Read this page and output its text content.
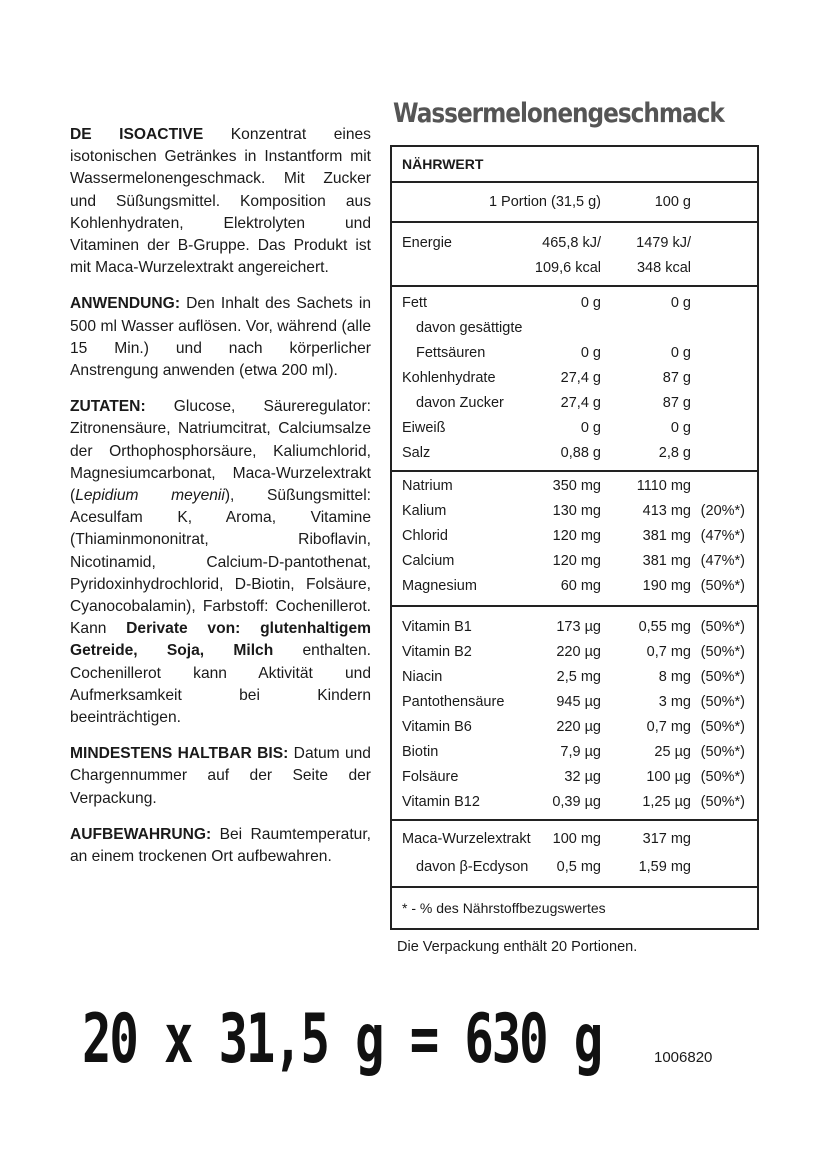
DE ISOACTIVE Konzentrat eines isotonischen Getränkes in Instantform mit Wassermelonengeschmack. Mit Zucker und Süßungsmittel. Komposition aus Kohlenhydraten, Elektrolyten und Vitaminen der B-Gruppe. Das Produkt ist mit Maca-Wurzelextrakt angereichert.

ANWENDUNG: Den Inhalt des Sachets in 500 ml Wasser auflösen. Vor, während (alle 15 Min.) und nach körperlicher Anstrengung anwenden (etwa 200 ml).

ZUTATEN: Glucose, Säureregulator: Zitronensäure, Natriumcitrat, Calciumsalze der Orthophosphorsäure, Kaliumchlorid, Magnesiumcarbonat, Maca-Wurzelextrakt (Lepidium meyenii), Süßungsmittel: Acesulfam K, Aroma, Vitamine (Thiaminmononitrat, Riboflavin, Nicotinamid, Calcium-D-pantothenat, Pyridoxinhydrochlorid, D-Biotin, Folsäure, Cyanocobalamin), Farbstoff: Cochenillerot. Kann Derivate von: glutenhaltigem Getreide, Soja, Milch enthalten. Cochenillerot kann Aktivität und Aufmerksamkeit bei Kindern beeinträchtigen.

MINDESTENS HALTBAR BIS: Datum und Chargennummer auf der Seite der Verpackung.

AUFBEWAHRUNG: Bei Raumtemperatur, an einem trockenen Ort aufbewahren.

Wassermelonengeschmack
NÄHRWERT
1 Portion (31,5 g)	100 g
Energie	465,8 kJ/ 1479 kJ/
109,6 kcal 348 kcal
Fett	0 g	0 g
davon gesättigte
Fettsäuren	0 g	0 g
Kohlenhydrate	27,4 g	87 g
davon Zucker	27,4 g	87 g
Eiweiß	0 g	0 g
Salz	0,88 g	2,8 g
Natrium	350 mg 1110 mg
Kalium	130 mg	413 mg (20%*)
Chlorid	120 mg	381 mg (47%*)
Calcium	120 mg	381 mg (47%*)
Magnesium	60 mg	190 mg (50%*)
Vitamin B1	173 µg	0,55 mg (50%*)
Vitamin B2	220 µg	0,7 mg (50%*)
Niacin	2,5 mg	8 mg (50%*)
Pantothensäure	945 µg	3 mg (50%*)
Vitamin B6	220 µg	0,7 mg (50%*)
Biotin	7,9 µg	25 µg (50%*)
Folsäure	32 µg	100 µg (50%*)
Vitamin B12	0,39 µg	1,25 µg (50%*)
Maca-Wurzelextrakt 100 mg	317 mg
davon β-Ecdyson 0,5 mg	1,59 mg
* - % des Nährstoffbezugswertes
Die Verpackung enthält 20 Portionen.
20 x 31,5 g = 630 g	1006820
